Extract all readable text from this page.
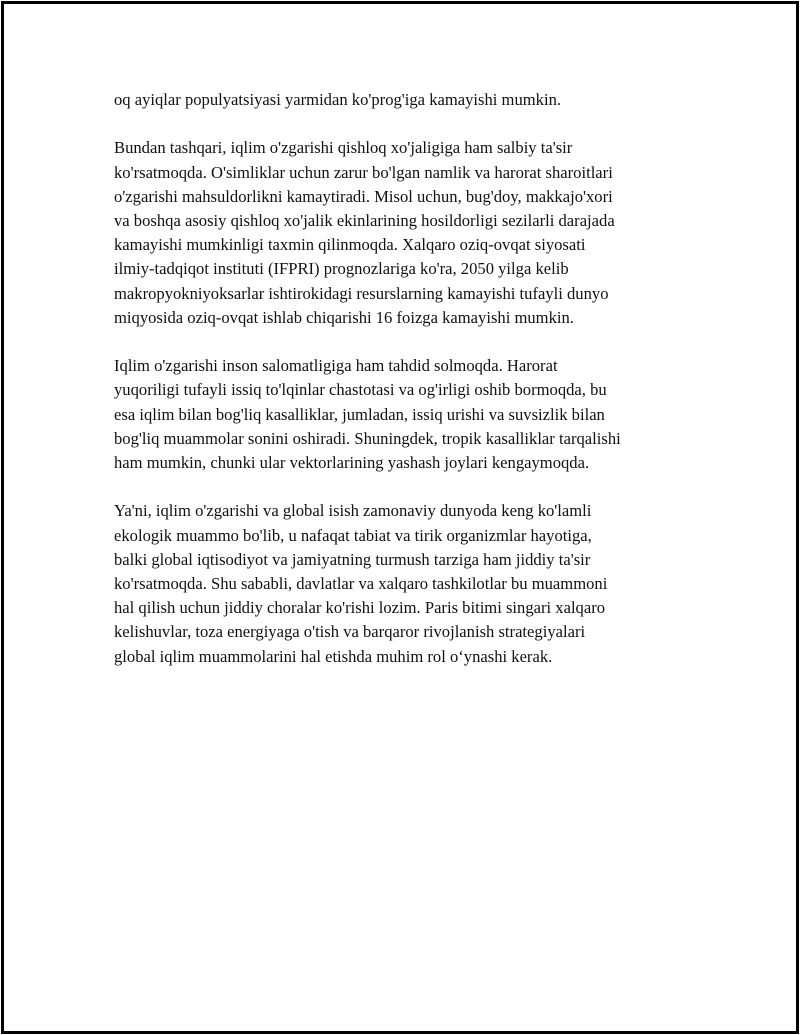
oq ayiqlar populyatsiyasi yarmidan ko'prog'iga kamayishi mumkin.

Bundan tashqari, iqlim o'zgarishi qishloq xo'jaligiga ham salbiy ta'sir
ko'rsatmoqda. O'simliklar uchun zarur bo'lgan namlik va harorat sharoitlari
o'zgarishi mahsuldorlikni kamaytiradi. Misol uchun, bug'doy, makkajo'xori
va boshqa asosiy qishloq xo'jalik ekinlarining hosildorligi sezilarli darajada
kamayishi mumkinligi taxmin qilinmoqda. Xalqaro oziq-ovqat siyosati
ilmiy-tadqiqot instituti (IFPRI) prognozlariga ko'ra, 2050 yilga kelib
makropyokniyoksarlar ishtirokidagi resurslarning kamayishi tufayli dunyo
miqyosida oziq-ovqat ishlab chiqarishi 16 foizga kamayishi mumkin.

Iqlim o'zgarishi inson salomatligiga ham tahdid solmoqda. Harorat
yuqoriligi tufayli issiq to'lqinlar chastotasi va og'irligi oshib bormoqda, bu
esa iqlim bilan bog'liq kasalliklar, jumladan, issiq urishi va suvsizlik bilan
bog'liq muammolar sonini oshiradi. Shuningdek, tropik kasalliklar tarqalishi
ham mumkin, chunki ular vektorlarining yashash joylari kengaymoqda.

Ya'ni, iqlim o'zgarishi va global isish zamonaviy dunyoda keng ko'lamli
ekologik muammo bo'lib, u nafaqat tabiat va tirik organizmlar hayotiga,
balki global iqtisodiyot va jamiyatning turmush tarziga ham jiddiy ta'sir
ko'rsatmoqda. Shu sababli, davlatlar va xalqaro tashkilotlar bu muammoni
hal qilish uchun jiddiy choralar ko'rishi lozim. Paris bitimi singari xalqaro
kelishuvlar, toza energiyaga o'tish va barqaror rivojlanish strategiyalari
global iqlim muammolarini hal etishda muhim rol o‘ynashi kerak.
